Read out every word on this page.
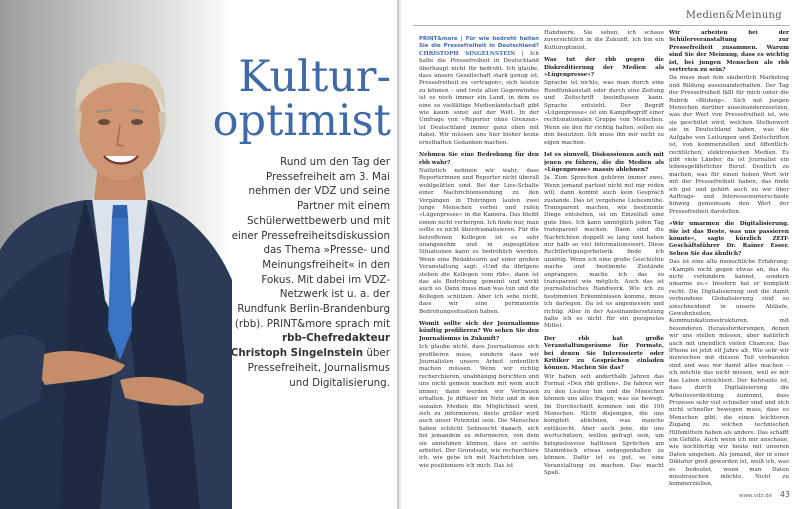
Kultur-
optimist
Rund um den Tag der Pressefreiheit am 3. Mai nehmen der VDZ und seine Partner mit einem Schülerwettbewerb und mit einer Pressefreiheitsdiskussion das Thema »Presse- und Meinungsfreiheit« in den Fokus. Mit dabei im VDZ-Netzwerk ist u. a. der Rundfunk Berlin-Brandenburg (rbb). PRINT&more sprach mit rbb-Chefredakteur Christoph Singelnstein über Pressefreiheit, Journalismus und Digitalisierung.
Medien&Meinung

PRINT&more | Für wie bedroht halten Sie die Pressefreiheit in Deutschland? CHRISTOPH SINGELNSTEIN | Ich halte die Pressefreiheit in Deutschland überhaupt nicht für bedroht. Ich glaube, dass unsere Gesellschaft stark genug ist, Pressefreiheit zu »ertragen«, sich leisten zu können – und trotz allen Gegenwindes ist es noch immer ein Land, in dem es eine so vielfältige Medienlandschaft gibt wie kaum sonst auf der Welt. In der Umfrage von »Reporter ohne Grenzen« ist Deutschland immer ganz oben mit dabei. Wir müssen uns hier bisher keine ernsthaften Gedanken machen.

Nehmen Sie eine Bedrohung für den rbb wahr?
Natürlich nehmen wir wahr, dass Reporterinnen und Reporter nicht überall wohlgelitten sind. Bei der Live-Schalte einer Nachrichtensendung zu den Vergängen in Thüringen laufen zwei junge Menschen vorbei und rufen »Lügenpresse« in die Kamera. Das bleibt einem nicht verborgen. Ich finde nur, man sollte es nicht überdramatisieren. Für die betroffenen Kollegen ist es sehr unangenehm und in zugespitzten Situationen kann es bedrohlich werden. Wenn eine Redakteurin auf einer großen Veranstaltung sagt: »Und da übrigens stehen die Kollegen vom rbb«, dann ist das als Bedrohung gemeint und wirkt auch so. Dann muss man was tun und die Kollegen schützen. Aber ich sehe nicht, dass wir eine permanente Bedrohungssituation haben.

Womit sollte sich der Journalismus künftig profilieren? Wo sehen Sie den Journalismus in Zukunft?
Ich glaube nicht, dass Journalismus sich profilieren muss, sondern dass wir Journalisten unsere Arbeit ordentlich machen müssen. Wenn wir richtig recherchieren, unabhängig berichten und uns nicht gemein machen mit wem auch immer, dann werden wir Vertrauen erhalten. Je diffuser im Netz und in den sozialen Medien die Möglichkeit wird, sich zu informieren, desto größer wird auch unser Potenzial sein. Die Menschen haben schlicht Sehnsucht danach, sich bei jemandem zu informieren, von dem sie annehmen können, dass er seriös arbeitet. Der Grundsatz, wie recherchiere ich, wie gehe ich mit Nachrichten um, wie positioniere ich mich. Das ist

Handwerk. Sie sehen, ich schaue zuversichtlich in die Zukunft, ich bin ein Kulturoptimist.

Was tut der rbb gegen die Diskreditierung der Medien als »Lügenpresse«?
Sprache ist nichts, was man durch eine Rundfunkanstalt oder durch eine Zeitung und Zeitschrift beeinflussen kann. Sprache entsteht. Der Begriff »Lügenpresse« ist ein Kampfbegriff einer rechtsnationalen Gruppe von Menschen. Wenn sie den für richtig halten, sollen sie den benutzen. Ich muss ihn mir nicht zu eigen machen.

Ist es sinnvoll, Diskussionen auch mit jenen zu führen, die die Medien als »Lügenpresse« massiv ablehnen?
Ja. Zum Sprechen gehören immer zwei. Wenn jemand partout nicht mit mir reden will, dann kommt auch kein Gespräch zustande. Das ist vergebene Liebesmühe. Transparent machen, wie bestimmte Dinge entstehen, ist im Einzelfall eine gute Idee. Ich kann unmöglich jeden Tag transparent machen. Dann sind die Nachrichten doppelt so lang und haben nur halb so viel Informationswert. Diese Rechtfertigungsrhetorik finde ich unnötig. Wenn ich eine große Geschichte mache und bestimmte Zustände anprangere, mache ich das so transparent wie möglich. Auch das ist journalistisches Handwerk. Wie ich zu bestimmten Erkenntnissen komme, muss ich darlegen. Da ist es angemessen und richtig. Aber in der Auseinandersetzung halte ich es nicht für ein geeignetes Mittel.

Der rbb hat große Veranstaltungsräume für Formate, bei denen Sie Interessierte oder Kritiker zu Gesprächen einladen können. Machen Sie das?
Wir haben seit anderthalb Jahren das Format »Den rbb grillen«. Da fahren wir zu den Leuten hin und die Menschen können uns alles fragen, was sie bewegt. Im Durchschnitt kommen um die 100 Menschen. Nicht diejenigen, die uns komplett ablehnen, was manche enttäuscht. Aber auch jene, die uns wertschätzen, wollen gefragt sein, um beispielsweise haltlosen Sprüchen am Stammtisch etwas entgegenhalten zu können. Dafür ist es gut, so eine Veranstaltung zu machen. Das macht Spaß.

Wir arbeiten bei der Schülerveranstaltung zur Pressefreiheit zusammen. Warum sind Sie der Meinung, dass es wichtig ist, bei jungen Menschen als rbb vertreten zu sein?
Da muss man fein säuberlich Marketing und Bildung auseinanderhalten. Der Tag der Pressefreiheit fällt für mich unter die Rubrik »Bildung«. Sich mit jungen Menschen darüber auseinanderzusetzen, was der Wert von Pressefreiheit ist, wie sie geschützt wird, welchen Stellenwert sie in Deutschland haben, was die Aufgabe von Leitungen und Zeitschriften ist, von kommerziellen und öffentlich-rechtlichen, elektronischen Medien. Es gibt viele Länder, da ist Journalist ein lebensgefährlicher Beruf. Deutlich zu machen, was für einen hohen Wert wir mit der Pressefreiheit haben, das finde ich gut und gehört auch zu wir über Auftrags- und Interessenunterschiede hinweg gemeinsam den Wert der Pressefreiheit darstellen.

»Wir umarmen die Digitalisierung. Sie ist das Beste, was uns passieren konnte«, sagte kürzlich ZEIT-Geschäftsführer Dr. Rainer Esser. Sehen Sie das ähnlich?
Das ist eine alte menschliche Erfahrung: »Kampfe nicht gegen etwas an, das du nicht verhindern kannst, sondern umarme es.« Insofern hat er komplett recht. Die Digitalisierung und die damit verbundene Globalisierung sind so einschneidend in unsere Abläufe, Gewohnheiten, Kommunikationsstrukturen, mit besonderen Herausforderungen, denen wir uns stellen müssen, aber natürlich auch mit unendlich vielen Chancen. Das iPhone ist jetzt elf Jahre alt. Wie sehr wir inzwischen mit diesem Teil verbunden sind und was wir damit alles machen – ich möchte das nicht missen, weil es mir das Leben erleichtert. Der Kehrseite ist, dass durch Digitalisierung die Arbeitsverdichtung zunimmt, dass Prozesse sehr viel schneller sind und sich nicht schneller bewegen muss, dass es Menschen gibt, die einen leichteren Zugang zu solchen technischen Hilfsmitteln haben als andere. Das schafft ein Gefälle. Auch wenn ich mir anschaue, wie leichtfertig wir heute mit unseren Daten umgehen. Als jemand, der in einer Diktatur groß geworden ist, weiß ich, was es bedeutet, wenn man Daten missbrauchen möchte. Nicht zu kommerziellen,

www.vdz.de 43
